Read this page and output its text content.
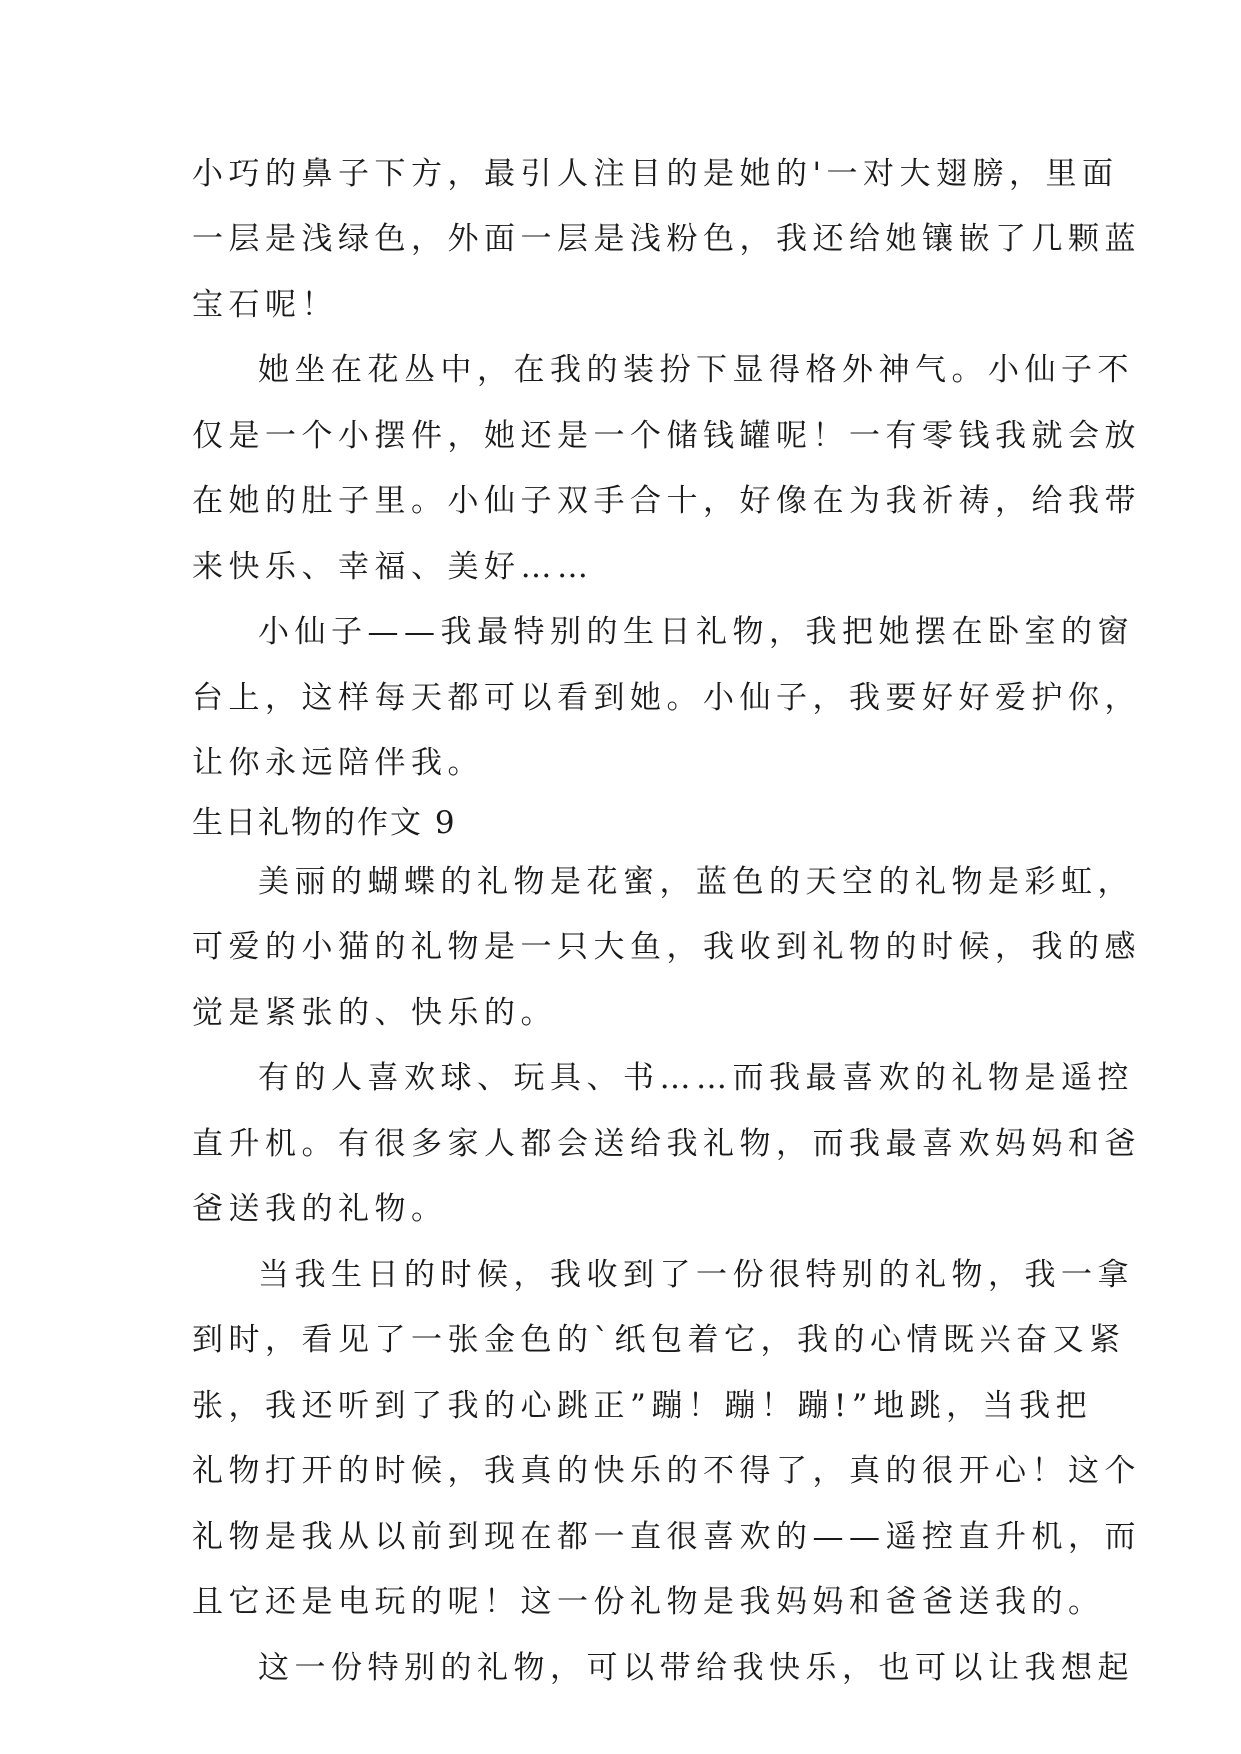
小巧的鼻子下方，最引人注目的是她的'一对大翅膀，里面
一层是浅绿色，外面一层是浅粉色，我还给她镶嵌了几颗蓝
宝石呢！
她坐在花丛中，在我的装扮下显得格外神气。小仙子不
仅是一个小摆件，她还是一个储钱罐呢！一有零钱我就会放
在她的肚子里。小仙子双手合十，好像在为我祈祷，给我带
来快乐、幸福、美好……
小仙子——我最特别的生日礼物，我把她摆在卧室的窗
台上，这样每天都可以看到她。小仙子，我要好好爱护你，
让你永远陪伴我。
生日礼物的作文 9
美丽的蝴蝶的礼物是花蜜，蓝色的天空的礼物是彩虹，
可爱的小猫的礼物是一只大鱼，我收到礼物的时候，我的感
觉是紧张的、快乐的。
有的人喜欢球、玩具、书……而我最喜欢的礼物是遥控
直升机。有很多家人都会送给我礼物，而我最喜欢妈妈和爸
爸送我的礼物。
当我生日的时候，我收到了一份很特别的礼物，我一拿
到时，看见了一张金色的`纸包着它，我的心情既兴奋又紧
张，我还听到了我的心跳正”蹦！蹦！蹦!”地跳，当我把
礼物打开的时候，我真的快乐的不得了，真的很开心！这个
礼物是我从以前到现在都一直很喜欢的——遥控直升机，而
且它还是电玩的呢！这一份礼物是我妈妈和爸爸送我的。
这一份特别的礼物，可以带给我快乐，也可以让我想起
